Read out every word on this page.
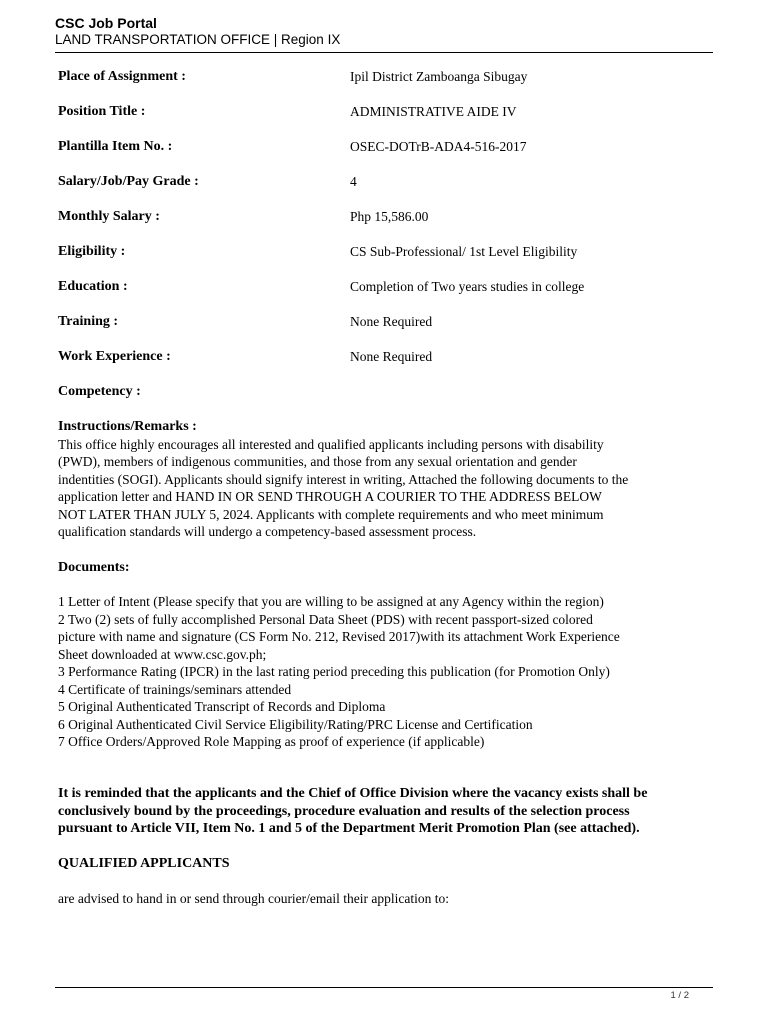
CSC Job Portal

LAND TRANSPORTATION OFFICE | Region IX

Place of Assignment :	Ipil District Zamboanga Sibugay
Position Title :	ADMINISTRATIVE AIDE IV
Plantilla Item No. :	OSEC-DOTrB-ADA4-516-2017
Salary/Job/Pay Grade :	4
Monthly Salary :	Php 15,586.00
Eligibility :	CS Sub-Professional/ 1st Level Eligibility
Education :	Completion of Two years studies in college
Training :	None Required
Work Experience :	None Required
Competency :

Instructions/Remarks :

This office highly encourages all interested and qualified applicants including persons with disability

(PWD), members of indigenous communities, and those from any sexual orientation and gender

indentities (SOGI). Applicants should signify interest in writing, Attached the following documents to the

application letter and HAND IN OR SEND THROUGH A COURIER TO THE ADDRESS BELOW

NOT LATER THAN JULY 5, 2024. Applicants with complete requirements and who meet minimum

qualification standards will undergo a competency-based assessment process.

Documents:

1 Letter of Intent (Please specify that you are willing to be assigned at any Agency within the region)
2 Two (2) sets of fully accomplished Personal Data Sheet (PDS) with recent passport-sized colored
picture with name and signature (CS Form No. 212, Revised 2017)with its attachment Work Experience
Sheet downloaded at www.csc.gov.ph;
3 Performance Rating (IPCR) in the last rating period preceding this publication (for Promotion Only)
4 Certificate of trainings/seminars attended
5 Original Authenticated Transcript of Records and Diploma
6 Original Authenticated Civil Service Eligibility/Rating/PRC License and Certification
7 Office Orders/Approved Role Mapping as proof of experience (if applicable)

It is reminded that the applicants and the Chief of Office Division where the vacancy exists shall be

conclusively bound by the proceedings, procedure evaluation and results of the selection process

pursuant to Article VII, Item No. 1 and 5 of the Department Merit Promotion Plan (see attached).

QUALIFIED APPLICANTS

are advised to hand in or send through courier/email their application to:

1 / 2
